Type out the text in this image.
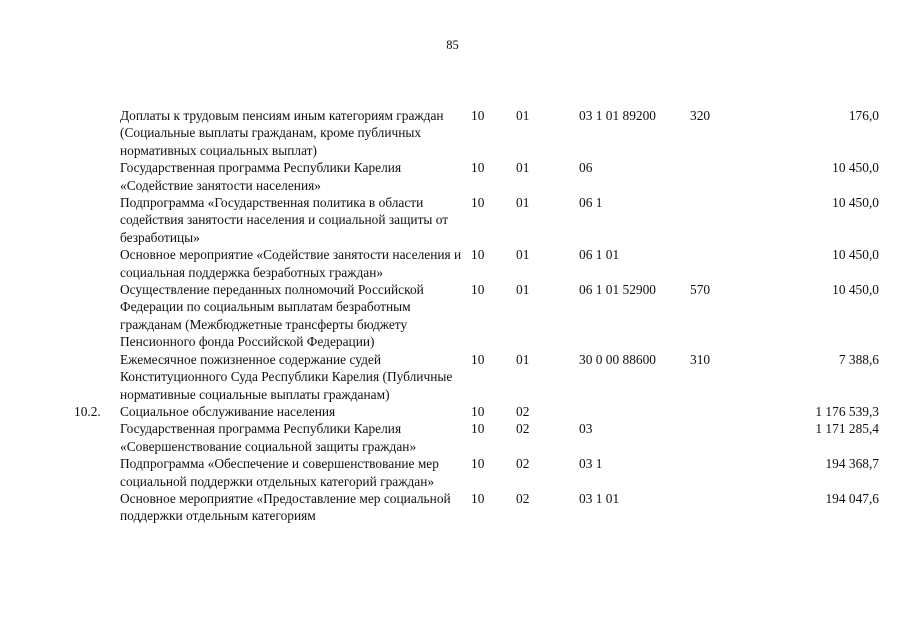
85
	Доплаты к трудовым пенсиям иным категориям граждан (Социальные выплаты гражданам, кроме публичных нормативных социальных выплат)	10	01	03 1 01 89200	320	176,0
	Государственная программа Республики Карелия «Содействие занятости населения»	10	01	06		10 450,0
	Подпрограмма «Государственная политика в области содействия занятости населения и социальной защиты от безработицы»	10	01	06 1		10 450,0
	Основное мероприятие «Содействие занятости населения и социальная поддержка безработных граждан»	10	01	06 1 01		10 450,0
	Осуществление переданных полномочий Российской Федерации по социальным выплатам безработным гражданам (Межбюджетные трансферты бюджету Пенсионного фонда Российской Федерации)	10	01	06 1 01 52900	570	10 450,0
	Ежемесячное пожизненное содержание судей Конституционного Суда Республики Карелия (Публичные нормативные социальные выплаты гражданам)	10	01	30 0 00 88600	310	7 388,6
10.2.	Социальное обслуживание населения	10	02			1 176 539,3
	Государственная программа Республики Карелия «Совершенствование социальной защиты граждан»	10	02	03		1 171 285,4
	Подпрограмма «Обеспечение и совершенствование мер социальной поддержки отдельных категорий граждан»	10	02	03 1		194 368,7
	Основное мероприятие «Предоставление мер социальной поддержки отдельным категориям	10	02	03 1 01		194 047,6
